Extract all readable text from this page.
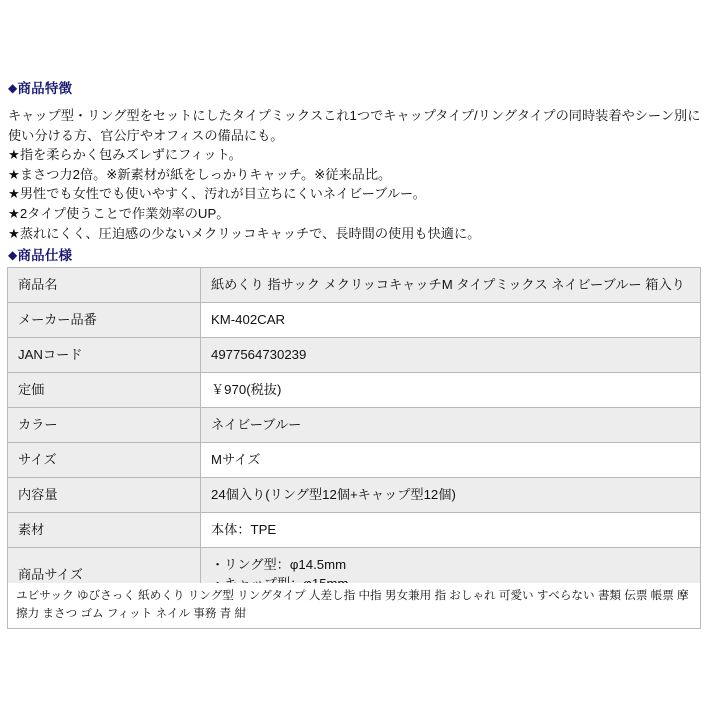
◆商品特徴

キャップ型・リング型をセットにしたタイプミックスこれ1つでキャップタイプ/リングタイプの同時装着やシーン別に使い分ける方、官公庁やオフィスの備品にも。

★指を柔らかく包みズレずにフィット。

★まさつ力2倍。※新素材が紙をしっかりキャッチ。※従来品比。

★男性でも女性でも使いやすく、汚れが目立ちにくいネイビーブルー。

★2タイプ使うことで作業効率のUP。

★蒸れにくく、圧迫感の少ないメクリッコキャッチで、長時間の使用も快適に。

◆商品仕様
商品名	紙めくり 指サック メクリッコキャッチM タイプミックス ネイビーブルー 箱入り
メーカー品番	KM-402CAR
JANコード	4977564730239
定価	￥970(税抜)
カラー	ネイビーブルー
サイズ	Mサイズ
内容量	24個入り(リング型12個+キャップ型12個)
素材	本体：TPE
商品サイズ	・リング型：φ14.5mm
ユビサック ゆびさっく 紙めくり リング型 リングタイプ 人差し指 中指 男女兼用 指 おしゃれ 可愛い すべらない 書類 伝票 帳票 摩擦力 まさつ ゴム フィット ネイル 事務 青 紺
